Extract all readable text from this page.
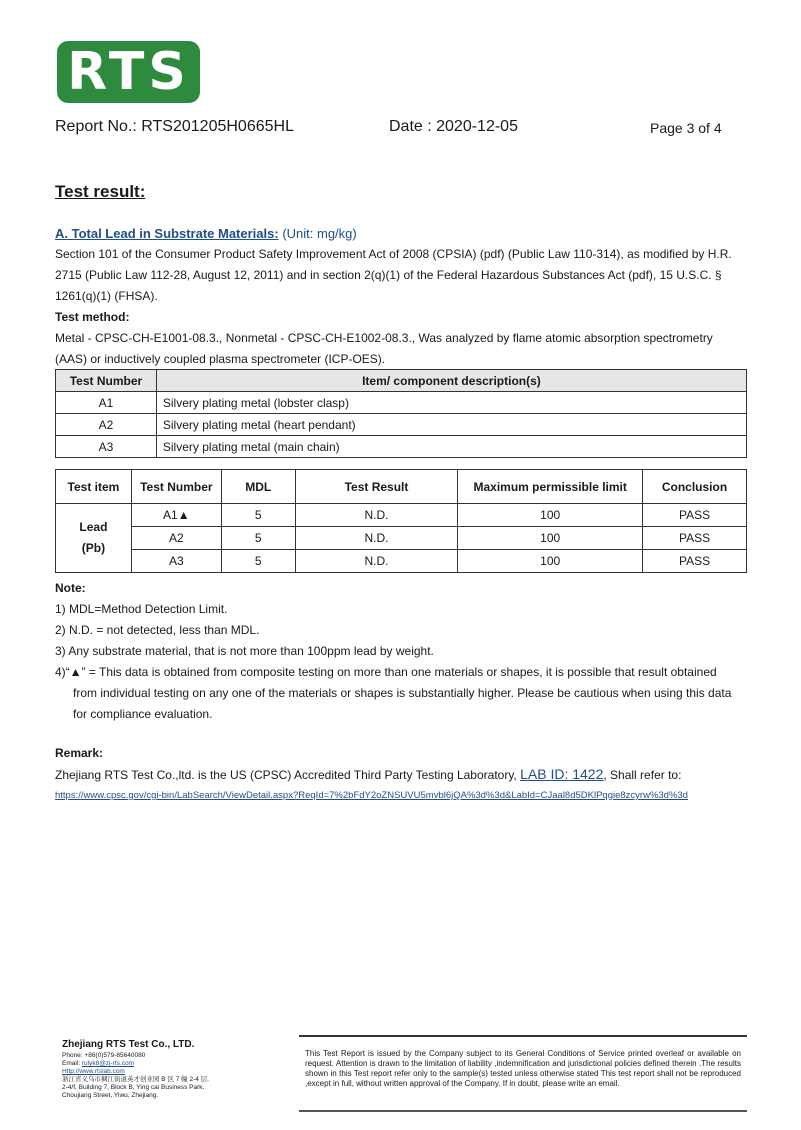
RTS
Report No.: RTS201205H0665HL	Date : 2020-12-05	Page 3 of 4
Test result:
A. Total Lead in Substrate Materials: (Unit: mg/kg)
Section 101 of the Consumer Product Safety Improvement Act of 2008 (CPSIA) (pdf) (Public Law 110-314), as modified by H.R. 2715 (Public Law 112-28, August 12, 2011) and in section 2(q)(1) of the Federal Hazardous Substances Act (pdf), 15 U.S.C. § 1261(q)(1) (FHSA).
Test method:
Metal - CPSC-CH-E1001-08.3., Nonmetal - CPSC-CH-E1002-08.3., Was analyzed by flame atomic absorption spectrometry (AAS) or inductively coupled plasma spectrometer (ICP-OES).
Test Number	Item/ component description(s)
A1	Silvery plating metal (lobster clasp)
A2	Silvery plating metal (heart pendant)
A3	Silvery plating metal (main chain)
Test item	Test Number	MDL	Test Result	Maximum permissible limit	Conclusion

Lead
(Pb)	A1▲	5	N.D.	100	PASS
	A2	5	N.D.	100	PASS
	A3	5	N.D.	100	PASS
Note:
1) MDL=Method Detection Limit.
2) N.D. = not detected, less than MDL.
3) Any substrate material, that is not more than 100ppm lead by weight.
4)“▲” = This data is obtained from composite testing on more than one materials or shapes, it is possible that result obtained
from individual testing on any one of the materials or shapes is substantially higher. Please be cautious when using this data
for compliance evaluation.
Remark:
Zhejiang RTS Test Co.,ltd. is the US (CPSC) Accredited Third Party Testing Laboratory, LAB ID: 1422, Shall refer to:
https://www.cpsc.gov/cgi-bin/LabSearch/ViewDetail.aspx?ReqId=7%2bFdY2oZNSUVU5mvbl6jQA%3d%3d&LabId=CJaal8d5DKlPqgie8zcyrw%3d%3d
Zhejiang RTS Test Co., LTD.
Phone: +86(0)579-85640080
Email: rulyk8@zj-rts.com
Http://www.rtslab.com
浙江省义乌市稠江街道英才创业园 B 区 7 幢 2-4 层.
2-4/f, Building 7, Block B, Ying cai Business Park,
Choujiang Street, Yiwu, Zhejiang.
This Test Report is issued by the Company subject to its General Conditions of Service printed overleaf or available on request. Attention is drawn to the limitation of liability ,indemnification and jurisdictional policies defined therein .The results shown in this Test report refer only to the sample(s) tested unless otherwise stated This test report shall not be reproduced ,except in full, without written approval of the Company. If in doubt, please write an email.
